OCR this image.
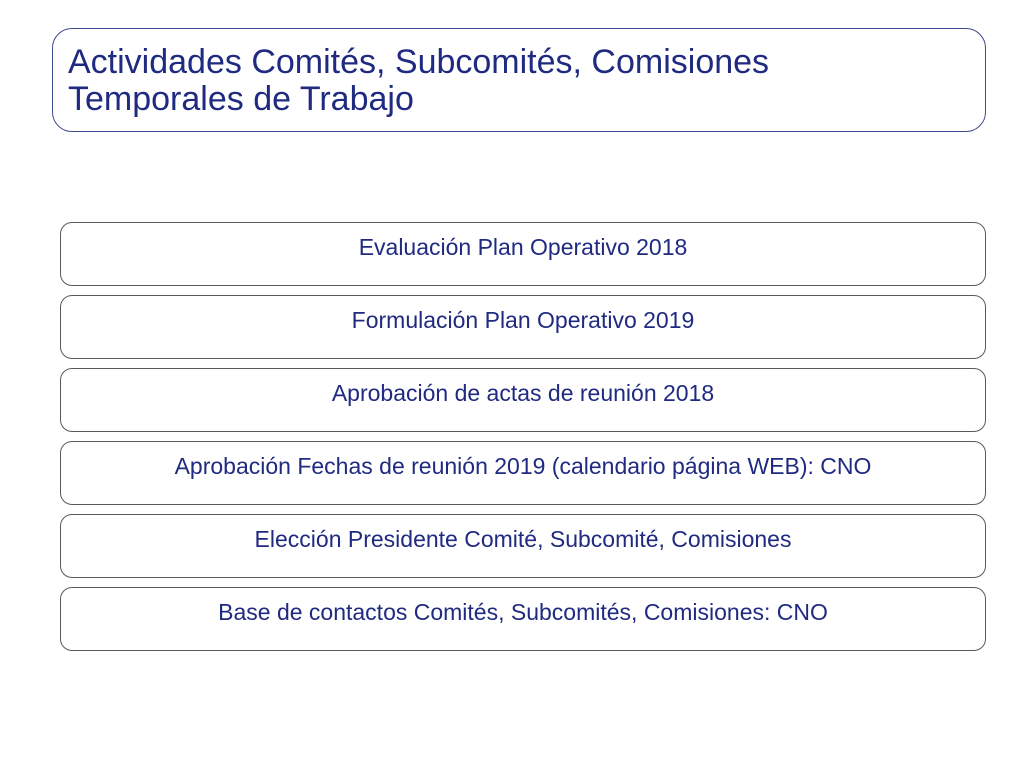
Actividades Comités, Subcomités, Comisiones
Temporales de Trabajo
Evaluación Plan Operativo 2018
Formulación Plan Operativo 2019
Aprobación de actas de reunión 2018
Aprobación Fechas de reunión 2019 (calendario página WEB): CNO
Elección Presidente Comité, Subcomité, Comisiones
Base de contactos Comités, Subcomités, Comisiones: CNO
